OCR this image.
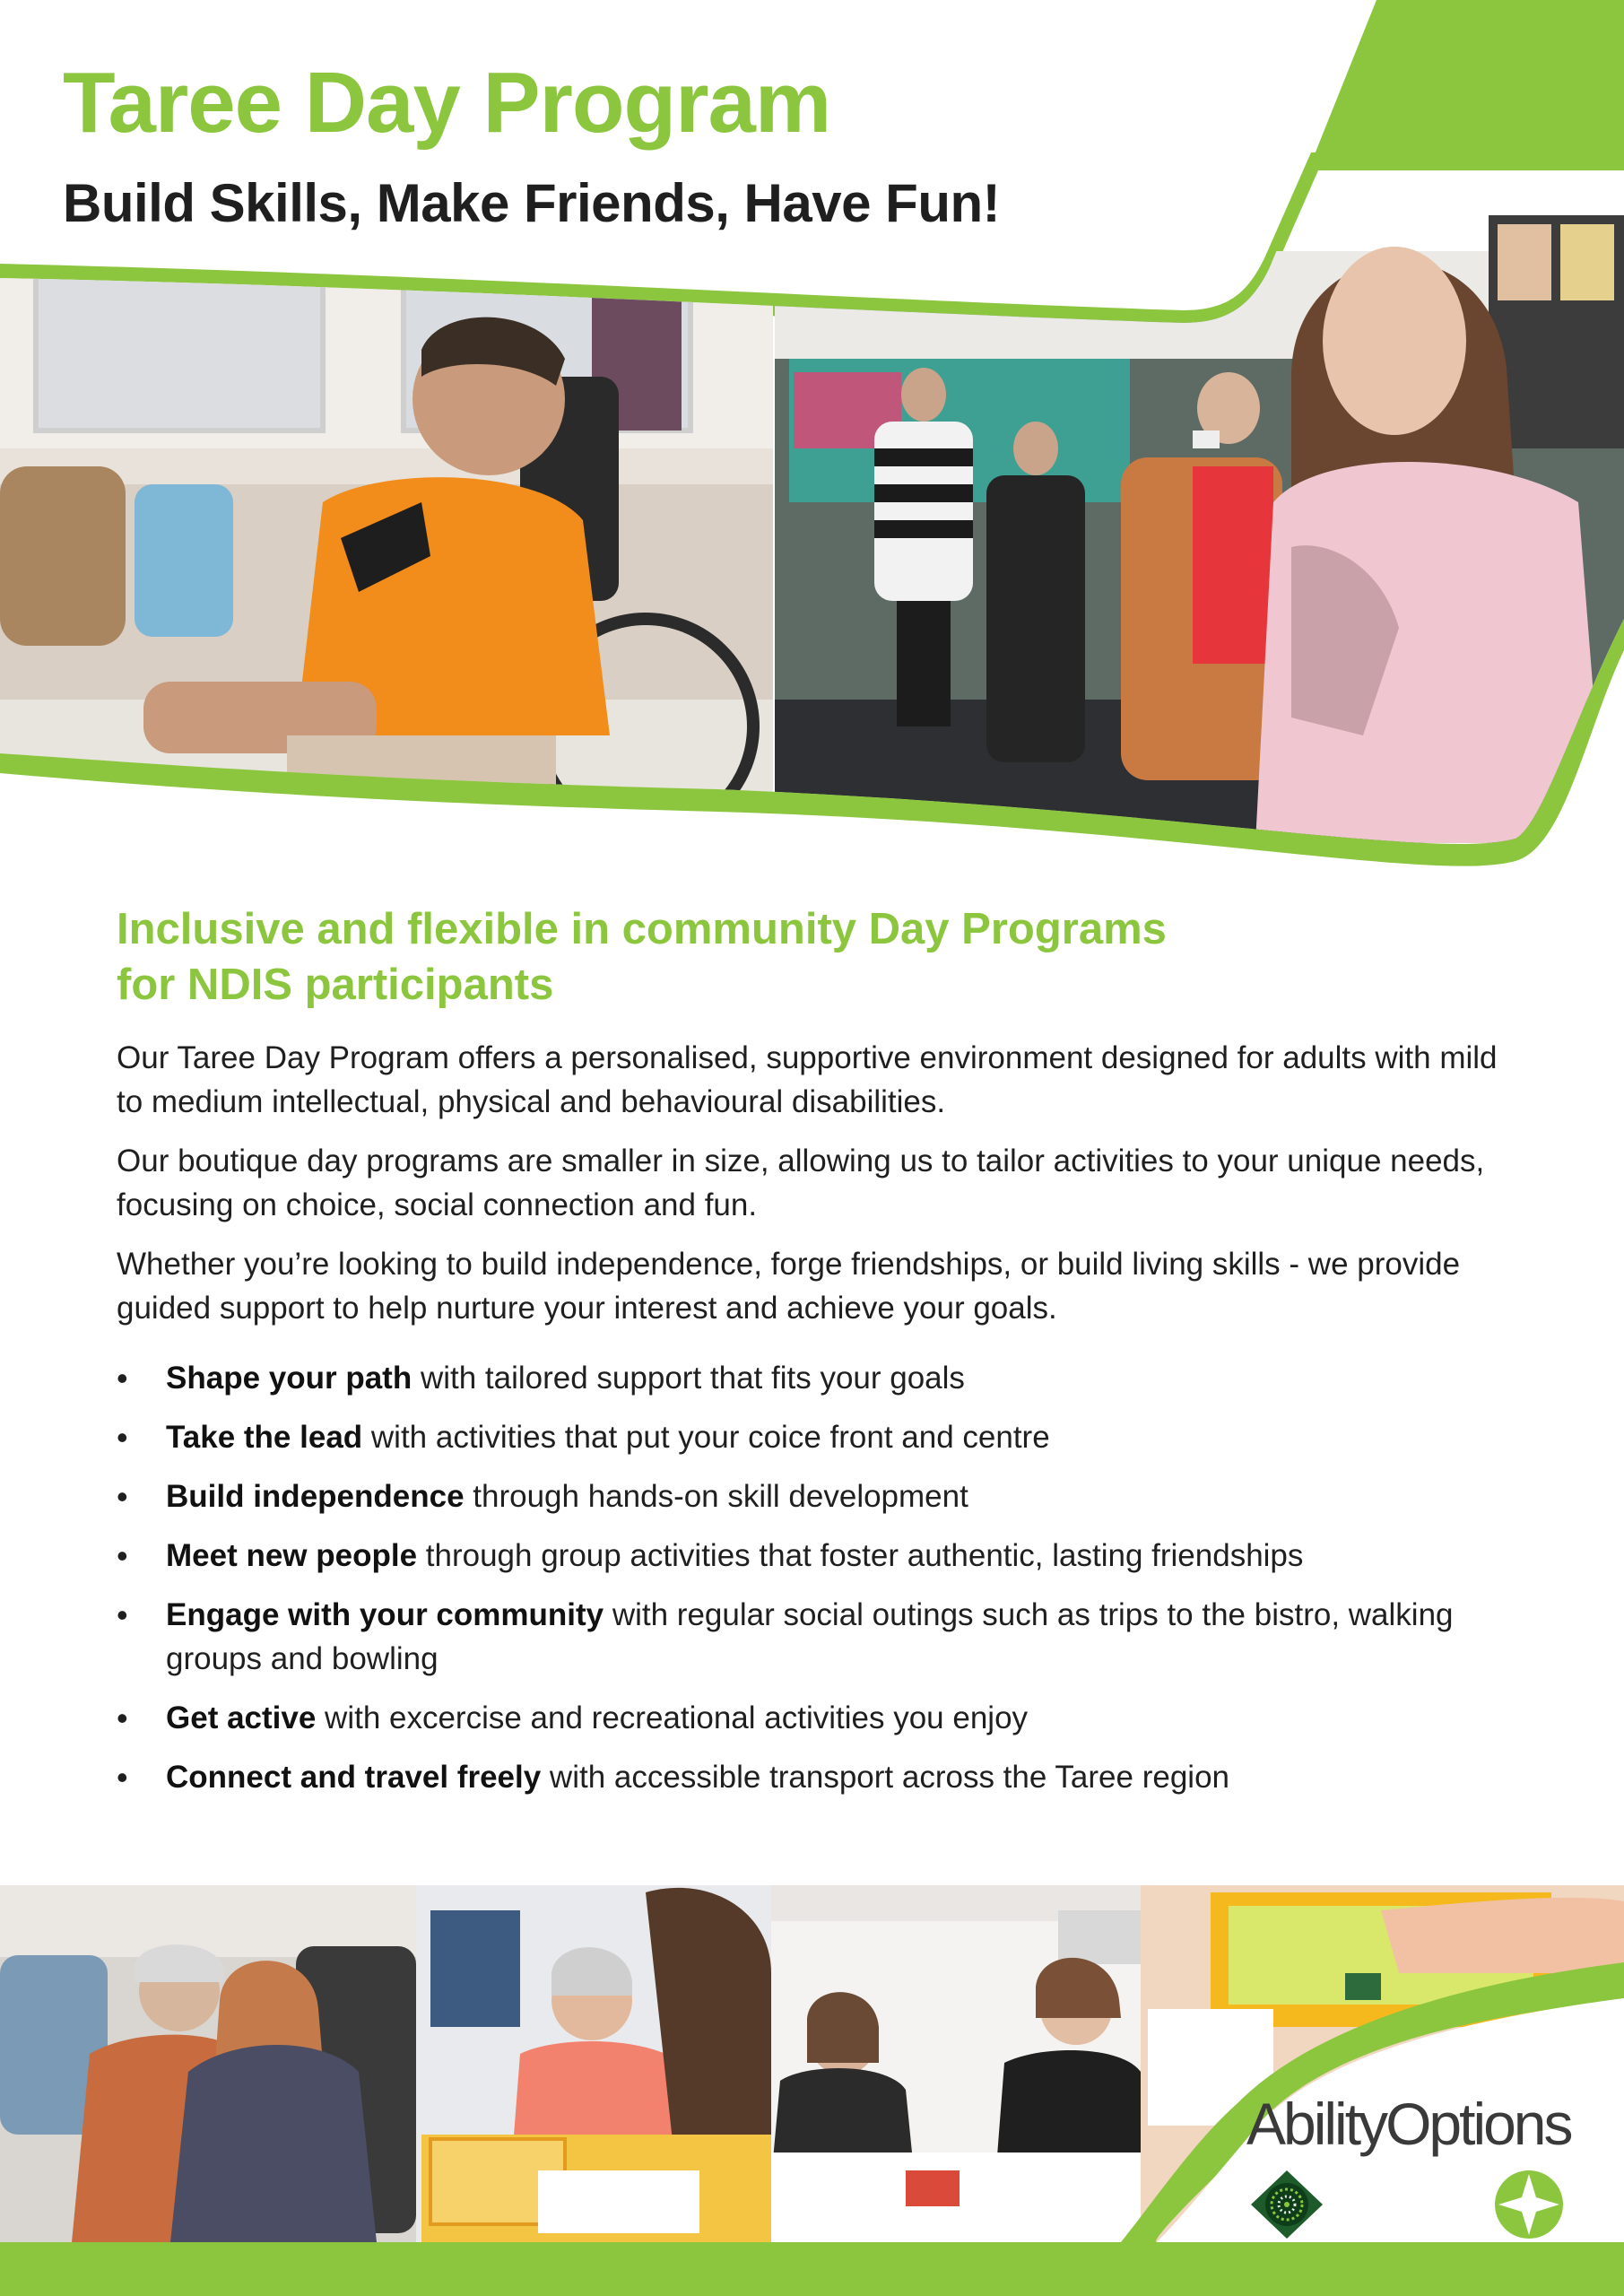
Taree Day Program
Build Skills, Make Friends, Have Fun!
Inclusive and flexible in community Day Programs
for NDIS participants
Our Taree Day Program offers a personalised, supportive environment designed for adults with mild to medium intellectual, physical and behavioural disabilities.
Our boutique day programs are smaller in size, allowing us to tailor activities to your unique needs, focusing on choice, social connection and fun.
Whether you’re looking to build independence, forge friendships, or build living skills - we provide guided support to help nurture your interest and achieve your goals.
• Shape your path with tailored support that fits your goals
• Take the lead with activities that put your coice front and centre
• Build independence through hands-on skill development
• Meet new people through group activities that foster authentic, lasting friendships
• Engage with your community with regular social outings such as trips to the bistro, walking groups and bowling
• Get active with excercise and recreational activities you enjoy
• Connect and travel freely with accessible transport across the Taree region
AbilityOptions
